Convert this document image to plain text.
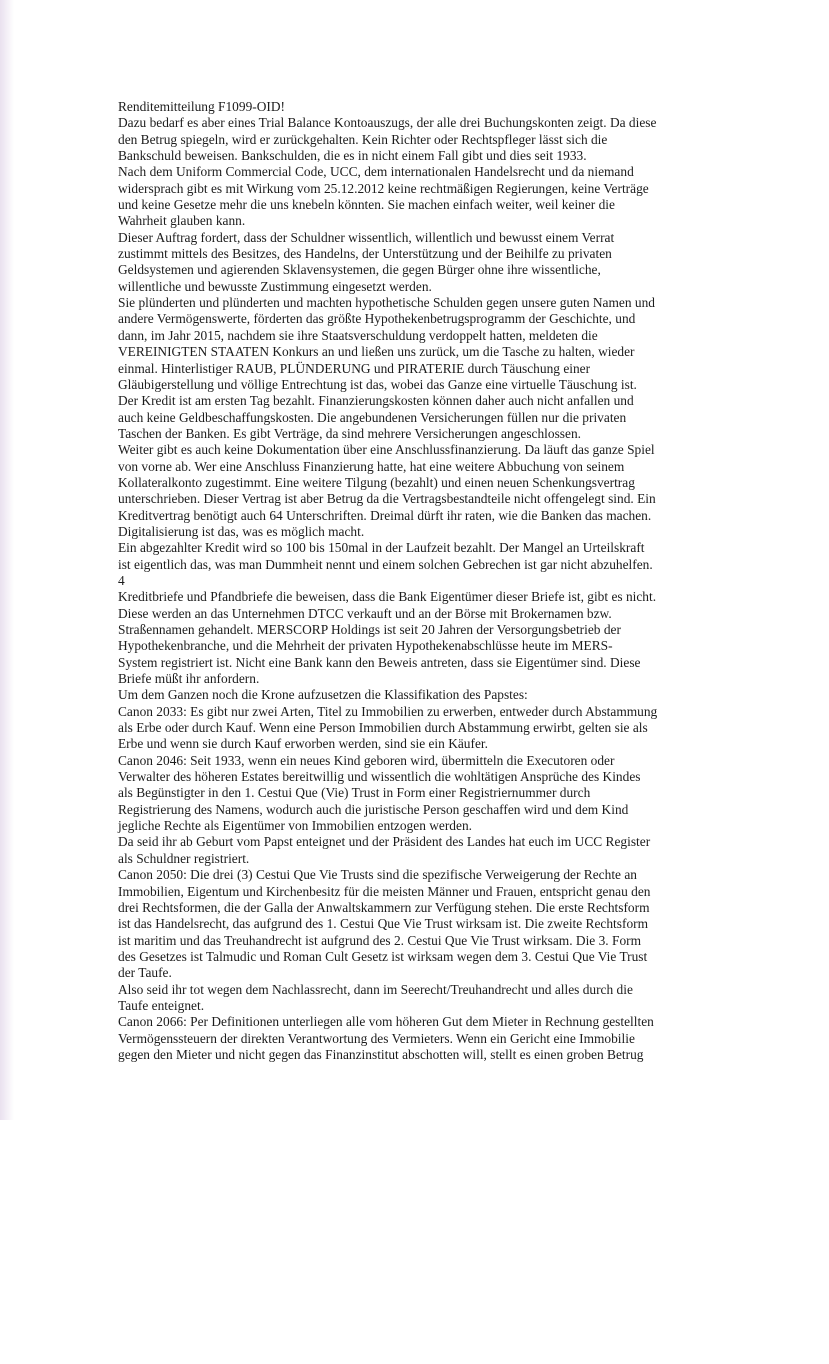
Renditemitteilung F1099-OID!
Dazu bedarf es aber eines Trial Balance Kontoauszugs, der alle drei Buchungskonten zeigt. Da diese
den Betrug spiegeln, wird er zurückgehalten. Kein Richter oder Rechtspfleger lässt sich die
Bankschuld beweisen. Bankschulden, die es in nicht einem Fall gibt und dies seit 1933.
Nach dem Uniform Commercial Code, UCC, dem internationalen Handelsrecht und da niemand
widersprach gibt es mit Wirkung vom 25.12.2012 keine rechtmäßigen Regierungen, keine Verträge
und keine Gesetze mehr die uns knebeln könnten. Sie machen einfach weiter, weil keiner die
Wahrheit glauben kann.
Dieser Auftrag fordert, dass der Schuldner wissentlich, willentlich und bewusst einem Verrat
zustimmt mittels des Besitzes, des Handelns, der Unterstützung und der Beihilfe zu privaten
Geldsystemen und agierenden Sklavensystemen, die gegen Bürger ohne ihre wissentliche,
willentliche und bewusste Zustimmung eingesetzt werden.
Sie plünderten und plünderten und machten hypothetische Schulden gegen unsere guten Namen und
andere Vermögenswerte, förderten das größte Hypothekenbetrugsprogramm der Geschichte, und
dann, im Jahr 2015, nachdem sie ihre Staatsverschuldung verdoppelt hatten, meldeten die
VEREINIGTEN STAATEN Konkurs an und ließen uns zurück, um die Tasche zu halten, wieder
einmal. Hinterlistiger RAUB, PLÜNDERUNG und PIRATERIE durch Täuschung einer
Gläubigerstellung und völlige Entrechtung ist das, wobei das Ganze eine virtuelle Täuschung ist.
Der Kredit ist am ersten Tag bezahlt. Finanzierungskosten können daher auch nicht anfallen und
auch keine Geldbeschaffungskosten. Die angebundenen Versicherungen füllen nur die privaten
Taschen der Banken. Es gibt Verträge, da sind mehrere Versicherungen angeschlossen.
Weiter gibt es auch keine Dokumentation über eine Anschlussfinanzierung. Da läuft das ganze Spiel
von vorne ab. Wer eine Anschluss Finanzierung hatte, hat eine weitere Abbuchung von seinem
Kollateralkonto zugestimmt. Eine weitere Tilgung (bezahlt) und einen neuen Schenkungsvertrag
unterschrieben. Dieser Vertrag ist aber Betrug da die Vertragsbestandteile nicht offengelegt sind. Ein
Kreditvertrag benötigt auch 64 Unterschriften. Dreimal dürft ihr raten, wie die Banken das machen.
Digitalisierung ist das, was es möglich macht.
Ein abgezahlter Kredit wird so 100 bis 150mal in der Laufzeit bezahlt. Der Mangel an Urteilskraft
ist eigentlich das, was man Dummheit nennt und einem solchen Gebrechen ist gar nicht abzuhelfen.
4
Kreditbriefe und Pfandbriefe die beweisen, dass die Bank Eigentümer dieser Briefe ist, gibt es nicht.
Diese werden an das Unternehmen DTCC verkauft und an der Börse mit Brokernamen bzw.
Straßennamen gehandelt. MERSCORP Holdings ist seit 20 Jahren der Versorgungsbetrieb der
Hypothekenbranche, und die Mehrheit der privaten Hypothekenabschlüsse heute im MERS-
System registriert ist. Nicht eine Bank kann den Beweis antreten, dass sie Eigentümer sind. Diese
Briefe müßt ihr anfordern.
Um dem Ganzen noch die Krone aufzusetzen die Klassifikation des Papstes:
Canon 2033: Es gibt nur zwei Arten, Titel zu Immobilien zu erwerben, entweder durch Abstammung
als Erbe oder durch Kauf. Wenn eine Person Immobilien durch Abstammung erwirbt, gelten sie als
Erbe und wenn sie durch Kauf erworben werden, sind sie ein Käufer.
Canon 2046: Seit 1933, wenn ein neues Kind geboren wird, übermitteln die Executoren oder
Verwalter des höheren Estates bereitwillig und wissentlich die wohltätigen Ansprüche des Kindes
als Begünstigter in den 1. Cestui Que (Vie) Trust in Form einer Registriernummer durch
Registrierung des Namens, wodurch auch die juristische Person geschaffen wird und dem Kind
jegliche Rechte als Eigentümer von Immobilien entzogen werden.
Da seid ihr ab Geburt vom Papst enteignet und der Präsident des Landes hat euch im UCC Register
als Schuldner registriert.
Canon 2050: Die drei (3) Cestui Que Vie Trusts sind die spezifische Verweigerung der Rechte an
Immobilien, Eigentum und Kirchenbesitz für die meisten Männer und Frauen, entspricht genau den
drei Rechtsformen, die der Galla der Anwaltskammern zur Verfügung stehen. Die erste Rechtsform
ist das Handelsrecht, das aufgrund des 1. Cestui Que Vie Trust wirksam ist. Die zweite Rechtsform
ist maritim und das Treuhandrecht ist aufgrund des 2. Cestui Que Vie Trust wirksam. Die 3. Form
des Gesetzes ist Talmudic und Roman Cult Gesetz ist wirksam wegen dem 3. Cestui Que Vie Trust
der Taufe.
Also seid ihr tot wegen dem Nachlassrecht, dann im Seerecht/Treuhandrecht und alles durch die
Taufe enteignet.
Canon 2066: Per Definitionen unterliegen alle vom höheren Gut dem Mieter in Rechnung gestellten
Vermögenssteuern der direkten Verantwortung des Vermieters. Wenn ein Gericht eine Immobilie
gegen den Mieter und nicht gegen das Finanzinstitut abschotten will, stellt es einen groben Betrug
